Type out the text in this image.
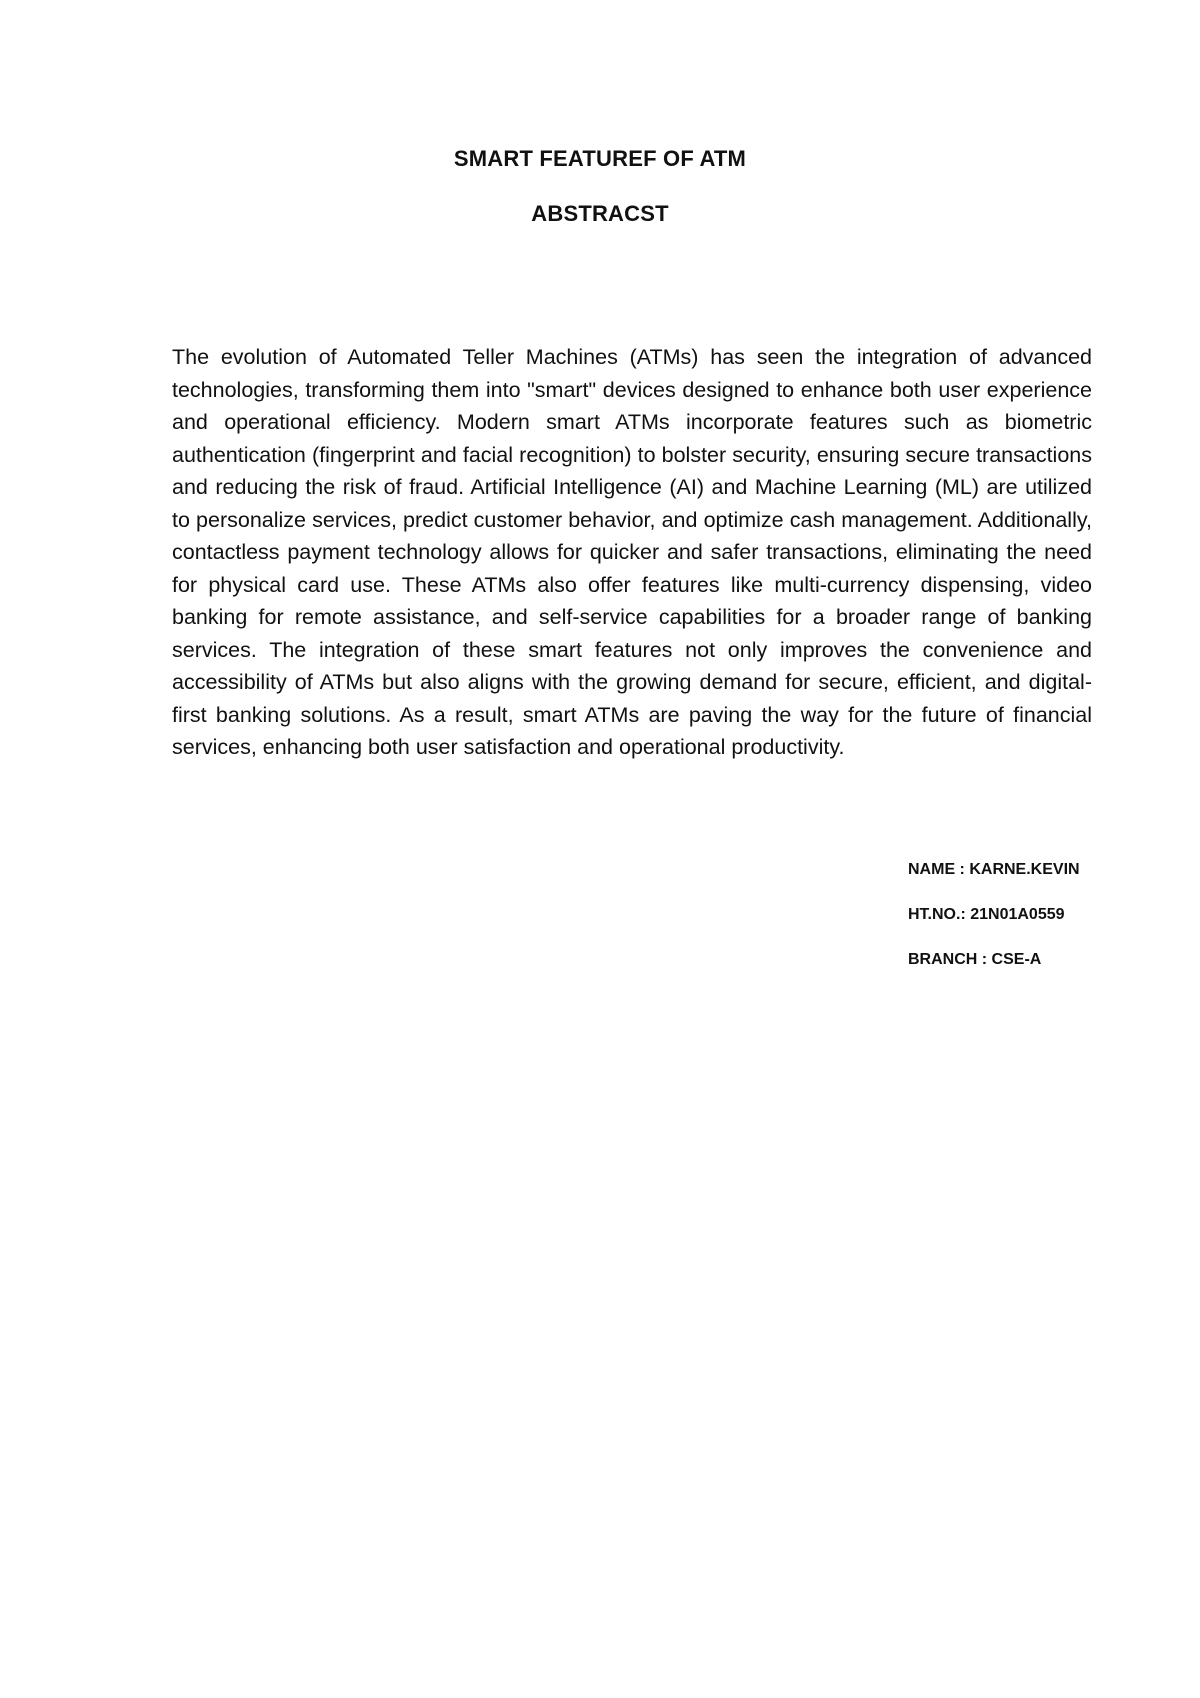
SMART FEATUREF OF ATM
ABSTRACST

The evolution of Automated Teller Machines (ATMs) has seen the integration of advanced technologies, transforming them into "smart" devices designed to enhance both user experience and operational efficiency. Modern smart ATMs incorporate features such as biometric authentication (fingerprint and facial recognition) to bolster security, ensuring secure transactions and reducing the risk of fraud. Artificial Intelligence (AI) and Machine Learning (ML) are utilized to personalize services, predict customer behavior, and optimize cash management. Additionally, contactless payment technology allows for quicker and safer transactions, eliminating the need for physical card use. These ATMs also offer features like multi-currency dispensing, video banking for remote assistance, and self-service capabilities for a broader range of banking services. The integration of these smart features not only improves the convenience and accessibility of ATMs but also aligns with the growing demand for secure, efficient, and digital-first banking solutions. As a result, smart ATMs are paving the way for the future of financial services, enhancing both user satisfaction and operational productivity.

NAME : KARNE.KEVIN

HT.NO.: 21N01A0559

BRANCH : CSE-A
